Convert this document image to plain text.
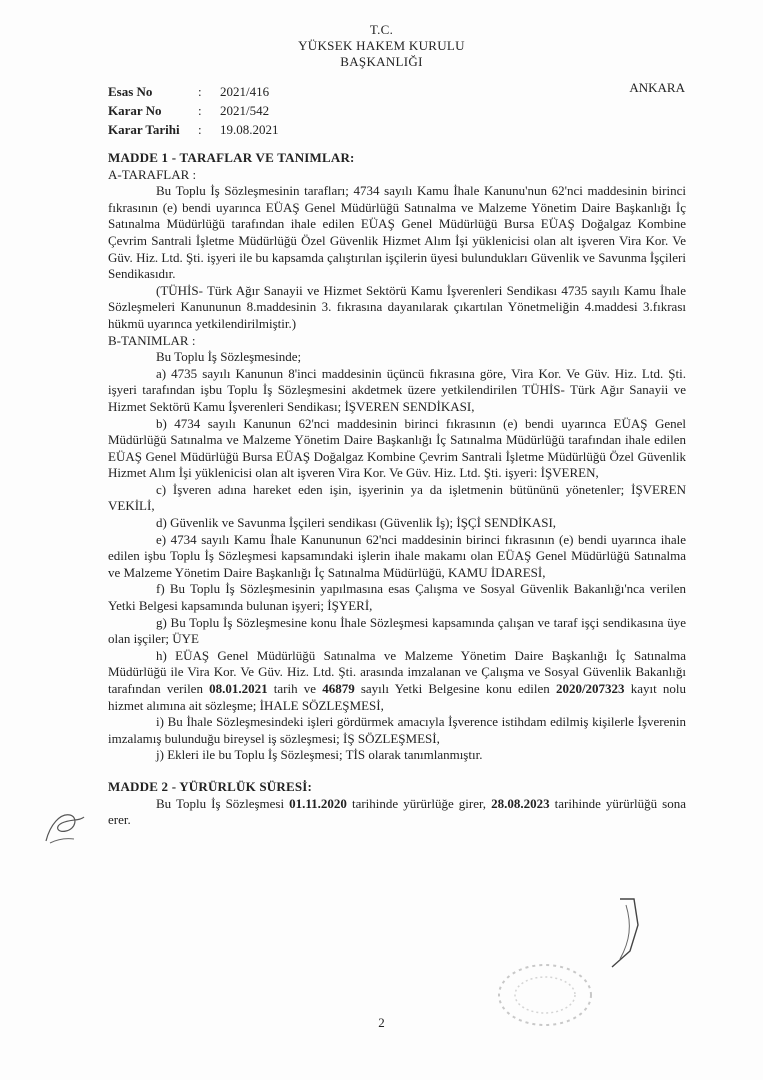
T.C.
YÜKSEK HAKEM KURULU
BAŞKANLIĞI
ANKARA
Esas No	:	2021/416
Karar No	:	2021/542
Karar Tarihi	:	19.08.2021

MADDE 1 - TARAFLAR VE TANIMLAR:

A-TARAFLAR :

Bu Toplu İş Sözleşmesinin tarafları; 4734 sayılı Kamu İhale Kanunu'nun 62'nci maddesinin birinci fıkrasının (e) bendi uyarınca EÜAŞ Genel Müdürlüğü Satınalma ve Malzeme Yönetim Daire Başkanlığı İç Satınalma Müdürlüğü tarafından ihale edilen EÜAŞ Genel Müdürlüğü Bursa EÜAŞ Doğalgaz Kombine Çevrim Santrali İşletme Müdürlüğü Özel Güvenlik Hizmet Alım İşi yüklenicisi olan alt işveren Vira Kor. Ve Güv. Hiz. Ltd. Şti. işyeri ile bu kapsamda çalıştırılan işçilerin üyesi bulundukları Güvenlik ve Savunma İşçileri Sendikasıdır.

(TÜHİS- Türk Ağır Sanayii ve Hizmet Sektörü Kamu İşverenleri Sendikası 4735 sayılı Kamu İhale Sözleşmeleri Kanununun 8.maddesinin 3. fıkrasına dayanılarak çıkartılan Yönetmeliğin 4.maddesi 3.fıkrası hükmü uyarınca yetkilendirilmiştir.)

B-TANIMLAR :

Bu Toplu İş Sözleşmesinde;

a) 4735 sayılı Kanunun 8'inci maddesinin üçüncü fıkrasına göre, Vira Kor. Ve Güv. Hiz. Ltd. Şti. işyeri tarafından işbu Toplu İş Sözleşmesini akdetmek üzere yetkilendirilen TÜHİS- Türk Ağır Sanayii ve Hizmet Sektörü Kamu İşverenleri Sendikası; İŞVEREN SENDİKASI,

b) 4734 sayılı Kanunun 62'nci maddesinin birinci fıkrasının (e) bendi uyarınca EÜAŞ Genel Müdürlüğü Satınalma ve Malzeme Yönetim Daire Başkanlığı İç Satınalma Müdürlüğü tarafından ihale edilen EÜAŞ Genel Müdürlüğü Bursa EÜAŞ Doğalgaz Kombine Çevrim Santrali İşletme Müdürlüğü Özel Güvenlik Hizmet Alım İşi yüklenicisi olan alt işveren Vira Kor. Ve Güv. Hiz. Ltd. Şti. işyeri: İŞVEREN,

c) İşveren adına hareket eden işin, işyerinin ya da işletmenin bütününü yönetenler; İŞVEREN VEKİLİ,

d) Güvenlik ve Savunma İşçileri sendikası (Güvenlik İş); İŞÇİ SENDİKASI,

e) 4734 sayılı Kamu İhale Kanununun 62'nci maddesinin birinci fıkrasının (e) bendi uyarınca ihale edilen işbu Toplu İş Sözleşmesi kapsamındaki işlerin ihale makamı olan EÜAŞ Genel Müdürlüğü Satınalma ve Malzeme Yönetim Daire Başkanlığı İç Satınalma Müdürlüğü, KAMU İDARESİ,

f) Bu Toplu İş Sözleşmesinin yapılmasına esas Çalışma ve Sosyal Güvenlik Bakanlığı'nca verilen Yetki Belgesi kapsamında bulunan işyeri; İŞYERİ,

g) Bu Toplu İş Sözleşmesine konu İhale Sözleşmesi kapsamında çalışan ve taraf işçi sendikasına üye olan işçiler; ÜYE

h) EÜAŞ Genel Müdürlüğü Satınalma ve Malzeme Yönetim Daire Başkanlığı İç Satınalma Müdürlüğü ile Vira Kor. Ve Güv. Hiz. Ltd. Şti. arasında imzalanan ve Çalışma ve Sosyal Güvenlik Bakanlığı tarafından verilen 08.01.2021 tarih ve 46879 sayılı Yetki Belgesine konu edilen 2020/207323 kayıt nolu hizmet alımına ait sözleşme; İHALE SÖZLEŞMESİ,

i) Bu İhale Sözleşmesindeki işleri gördürmek amacıyla İşverence istihdam edilmiş kişilerle İşverenin imzalamış bulunduğu bireysel iş sözleşmesi; İŞ SÖZLEŞMESİ,

j) Ekleri ile bu Toplu İş Sözleşmesi; TİS olarak tanımlanmıştır.

MADDE 2 - YÜRÜRLÜK SÜRESİ:

Bu Toplu İş Sözleşmesi 01.11.2020 tarihinde yürürlüğe girer, 28.08.2023 tarihinde yürürlüğü sona erer.

2
